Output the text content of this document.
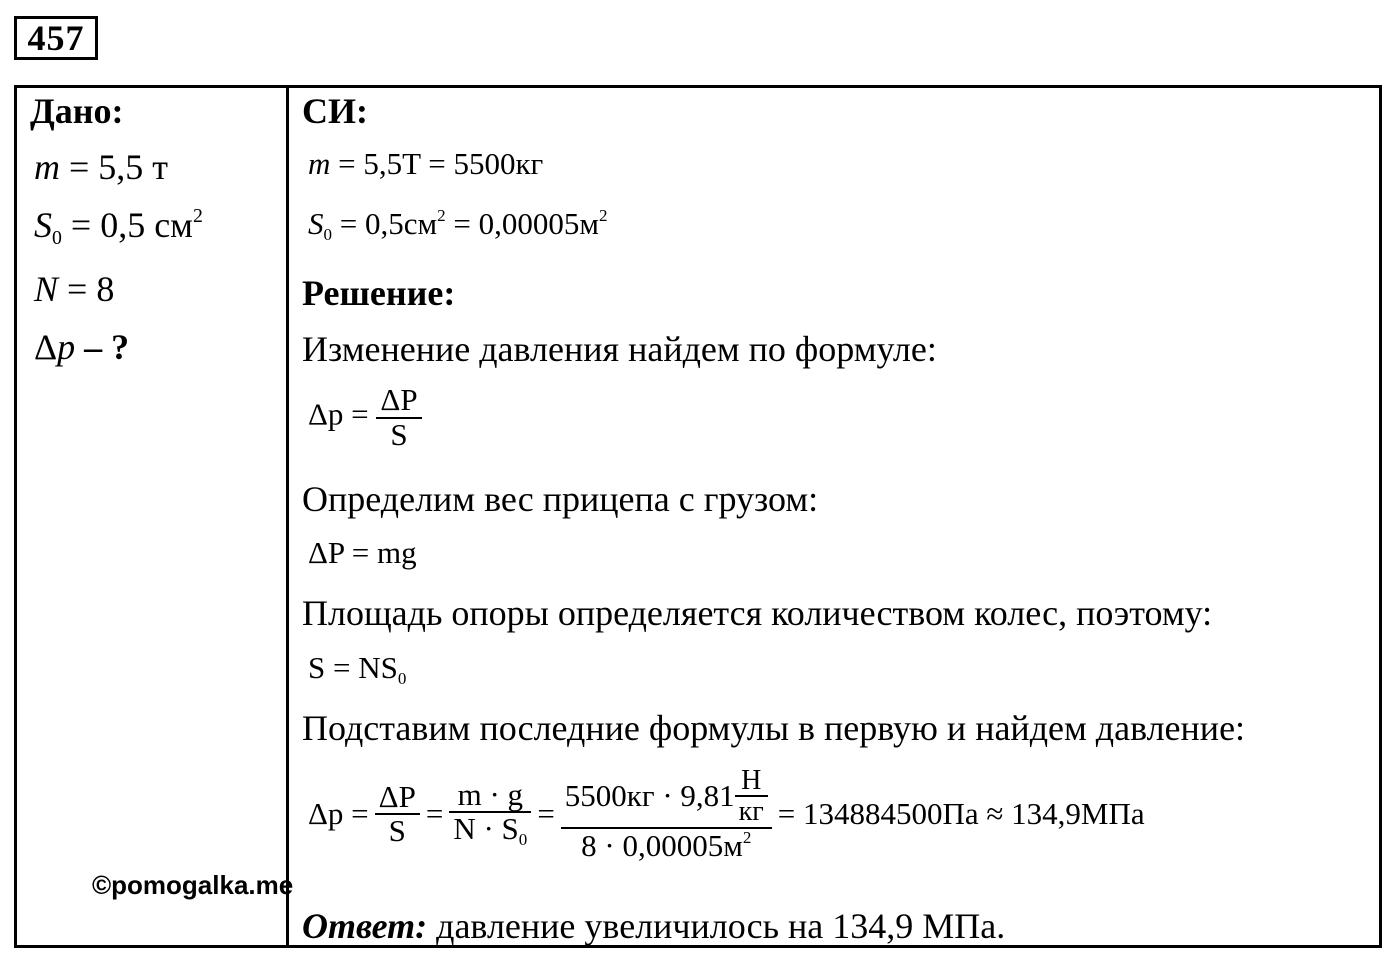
457
Дано:
m = 5,5 т
$S_0 = 0,5$ $см^2$
N = 8
Δp – ?
СИ:
m = 5,5T = 5500кг
$S_0 = 0,5см^2 = 0,00005м^2$
Решение:
Изменение давления найдем по формуле:
$\Delta p = \frac{\Delta P}{S}$
Определим вес прицепа с грузом:
ΔP = mg
Площадь опоры определяется количеством колес, поэтому:
$S = NS_0$
Подставим последние формулы в первую и найдем давление:
$\Delta p = \frac{\Delta P}{S} = \frac{m \cdot g}{N \cdot S_0} = \frac{5500кг \cdot 9,81 \frac{Н}{кг}}{8 \cdot 0,00005м^2} = 134884500Па \approx 134,9МПа$
©pomogalka.me
Ответ: давление увеличилось на 134,9 МПа.
